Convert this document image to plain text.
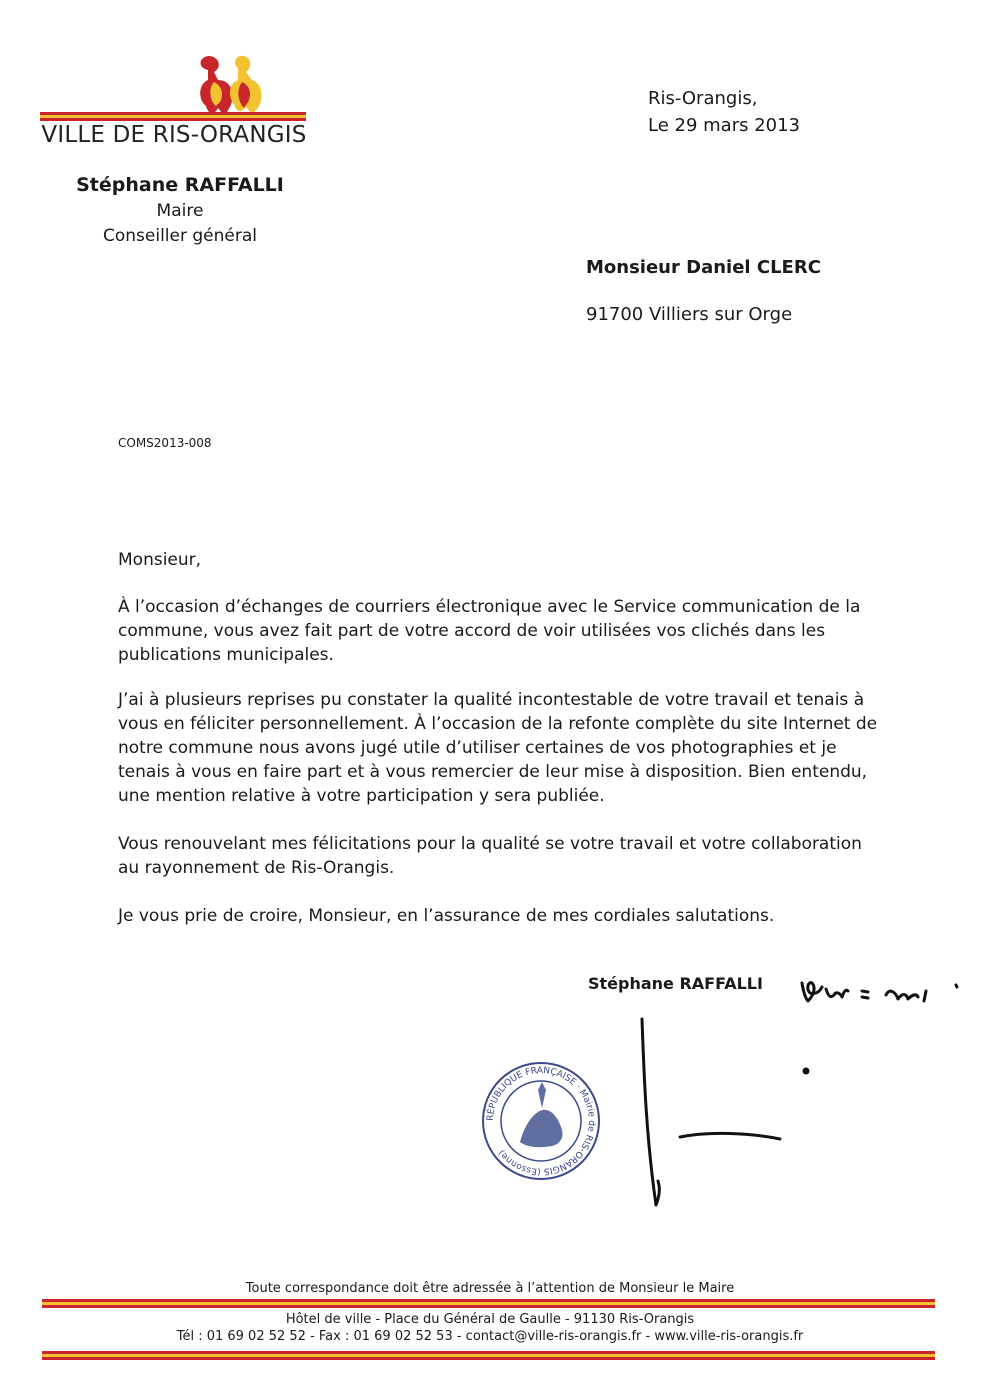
VILLE DE RIS-ORANGIS
Stéphane RAFFALLI
Maire
Conseiller général
Ris-Orangis,
Le 29 mars 2013
Monsieur Daniel CLERC
91700 Villiers sur Orge
COMS2013-008
Monsieur,
À l’occasion d’échanges de courriers électronique avec le Service communication de la commune, vous avez fait part de votre accord de voir utilisées vos clichés dans les publications municipales.
J’ai à plusieurs reprises pu constater la qualité incontestable de votre travail et tenais à vous en féliciter personnellement. À l’occasion de la refonte complète du site Internet de notre commune nous avons jugé utile d’utiliser certaines de vos photographies et je tenais à vous en faire part et à vous remercier de leur mise à disposition. Bien entendu, une mention relative à votre participation y sera publiée.
Vous renouvelant mes félicitations pour la qualité se votre travail et votre collaboration au rayonnement de Ris-Orangis.
Je vous prie de croire, Monsieur, en l’assurance de mes cordiales salutations.
Stéphane RAFFALLI
RÉPUBLIQUE FRANÇAISE · Mairie de RIS-ORANGIS (Essonne)
Toute correspondance doit être adressée à l’attention de Monsieur le Maire
Hôtel de ville - Place du Général de Gaulle - 91130 Ris-Orangis
Tél : 01 69 02 52 52 - Fax : 01 69 02 52 53 - contact@ville-ris-orangis.fr - www.ville-ris-orangis.fr
